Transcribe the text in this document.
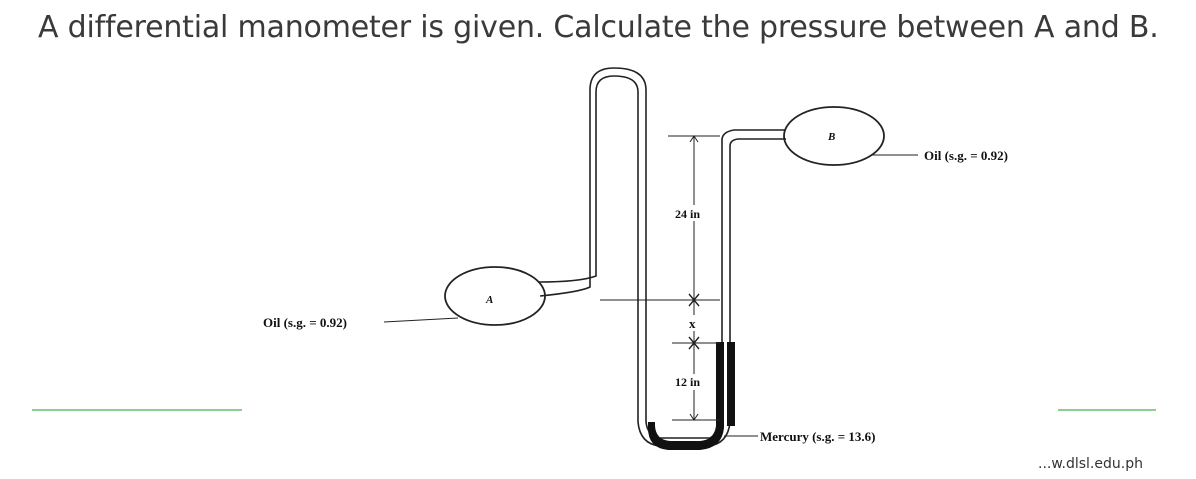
A differential manometer is given. Calculate the pressure between A and B.
A
B
24 in
x
12 in
Oil (s.g. = 0.92)
Oil (s.g. = 0.92)
Mercury (s.g. = 13.6)
...w.dlsl.edu.ph
